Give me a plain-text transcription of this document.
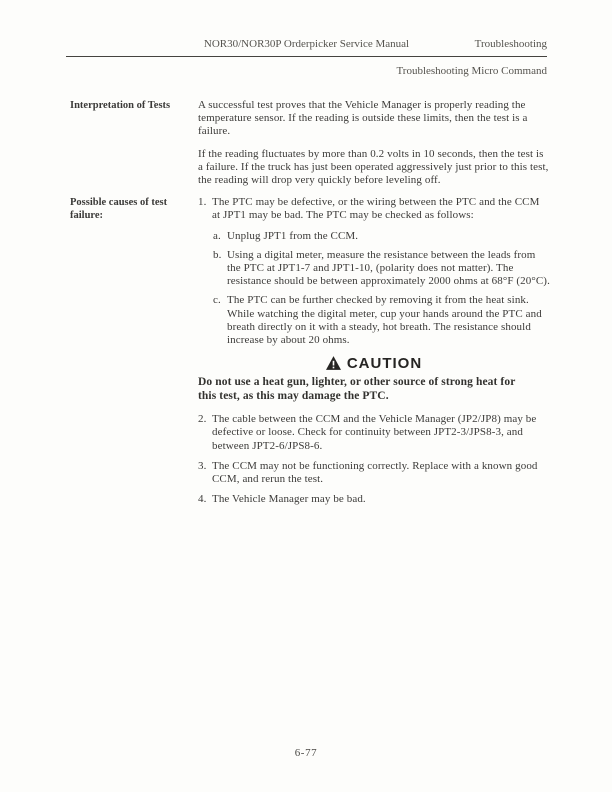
NOR30/NOR30P Orderpicker Service Manual	Troubleshooting
Troubleshooting Micro Command
Interpretation of Tests	A successful test proves that the Vehicle Manager is properly reading the temperature sensor. If the reading is outside these limits, then the test is a failure.

If the reading fluctuates by more than 0.2 volts in 10 seconds, then the test is a failure. If the truck has just been operated aggressively just prior to this test, the reading will drop very quickly before leveling off.

Possible causes of test failure:
1. The PTC may be defective, or the wiring between the PTC and the CCM at JPT1 may be bad. The PTC may be checked as follows:
a. Unplug JPT1 from the CCM.
b. Using a digital meter, measure the resistance between the leads from the PTC at JPT1-7 and JPT1-10, (polarity does not matter). The resistance should be between approximately 2000 ohms at 68°F (20°C).
c. The PTC can be further checked by removing it from the heat sink. While watching the digital meter, cup your hands around the PTC and breath directly on it with a steady, hot breath. The resistance should increase by about 20 ohms.
CAUTION

Do not use a heat gun, lighter, or other source of strong heat for this test, as this may damage the PTC.

2. The cable between the CCM and the Vehicle Manager (JP2/JP8) may be defective or loose. Check for continuity between JPT2-3/JPS8-3, and between JPT2-6/JPS8-6.
3. The CCM may not be functioning correctly. Replace with a known good CCM, and rerun the test.
4. The Vehicle Manager may be bad.
6-77
